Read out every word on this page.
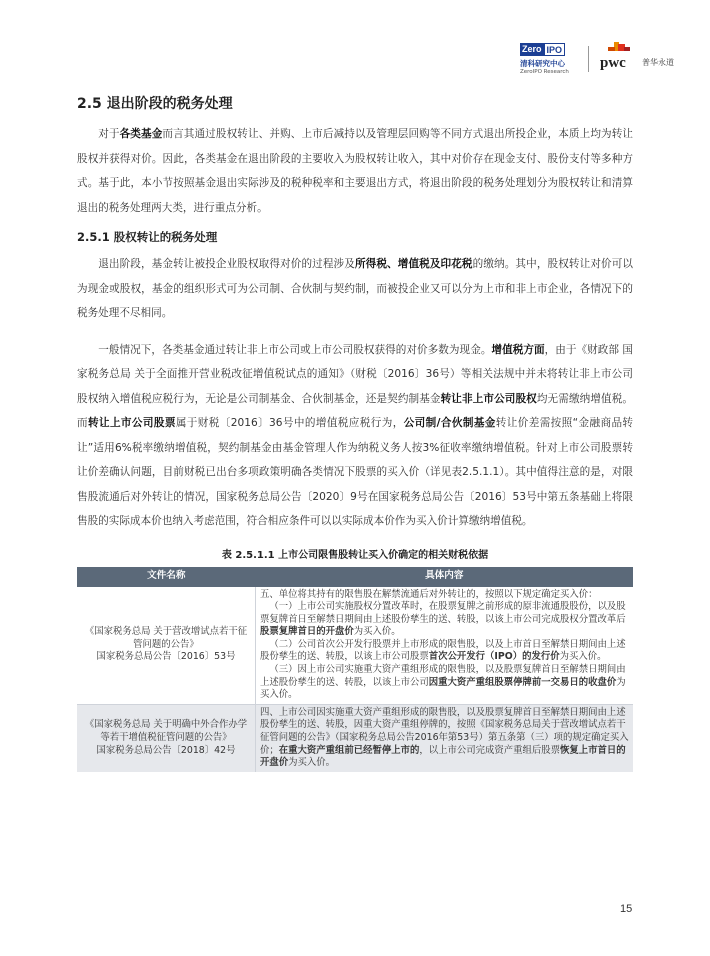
Zero IPO
清科研究中心
ZeroIPO Research
pwc 普华永道
2.5 退出阶段的税务处理

对于各类基金而言其通过股权转让、并购、上市后减持以及管理层回购等不同方式退出所投企业，本质上均为转让股权并获得对价。因此，各类基金在退出阶段的主要收入为股权转让收入，其中对价存在现金支付、股份支付等多种方式。基于此，本小节按照基金退出实际涉及的税种税率和主要退出方式，将退出阶段的税务处理划分为股权转让和清算退出的税务处理两大类，进行重点分析。

2.5.1 股权转让的税务处理

退出阶段，基金转让被投企业股权取得对价的过程涉及所得税、增值税及印花税的缴纳。其中，股权转让对价可以为现金或股权，基金的组织形式可为公司制、合伙制与契约制，而被投企业又可以分为上市和非上市企业，各情况下的税务处理不尽相同。

一般情况下，各类基金通过转让非上市公司或上市公司股权获得的对价多数为现金。增值税方面，由于《财政部 国家税务总局 关于全面推开营业税改征增值税试点的通知》（财税〔2016〕36号）等相关法规中并未将转让非上市公司股权纳入增值税应税行为，无论是公司制基金、合伙制基金，还是契约制基金转让非上市公司股权均无需缴纳增值税。而转让上市公司股票属于财税〔2016〕36号中的增值税应税行为，公司制/合伙制基金转让价差需按照“金融商品转让”适用6%税率缴纳增值税，契约制基金由基金管理人作为纳税义务人按3%征收率缴纳增值税。针对上市公司股票转让价差确认问题，目前财税已出台多项政策明确各类情况下股票的买入价（详见表2.5.1.1）。其中值得注意的是，对限售股流通后对外转让的情况，国家税务总局公告〔2020〕9号在国家税务总局公告〔2016〕53号中第五条基础上将限售股的实际成本价也纳入考虑范围，符合相应条件可以以实际成本价作为买入价计算缴纳增值税。

表 2.5.1.1 上市公司限售股转让买入价确定的相关财税依据
文件名称	具体内容

《国家税务总局 关于营改增试点若干征管问题的公告》
国家税务总局公告〔2016〕53号	五、单位将其持有的限售股在解禁流通后对外转让的，按照以下规定确定买入价：
（一）上市公司实施股权分置改革时，在股票复牌之前形成的原非流通股股份，以及股票复牌首日至解禁日期间由上述股份孳生的送、转股，以该上市公司完成股权分置改革后股票复牌首日的开盘价为买入价。
（二）公司首次公开发行股票并上市形成的限售股，以及上市首日至解禁日期间由上述股份孳生的送、转股，以该上市公司股票首次公开发行（IPO）的发行价为买入价。
（三）因上市公司实施重大资产重组形成的限售股，以及股票复牌首日至解禁日期间由上述股份孳生的送、转股，以该上市公司因重大资产重组股票停牌前一交易日的收盘价为买入价。

《国家税务总局 关于明确中外合作办学等若干增值税征管问题的公告》
国家税务总局公告〔2018〕42号	四、上市公司因实施重大资产重组形成的限售股，以及股票复牌首日至解禁日期间由上述股份孳生的送、转股，因重大资产重组停牌的，按照《国家税务总局关于营改增试点若干征管问题的公告》（国家税务总局公告2016年第53号）第五条第（三）项的规定确定买入价；在重大资产重组前已经暂停上市的，以上市公司完成资产重组后股票恢复上市首日的开盘价为买入价。
15
